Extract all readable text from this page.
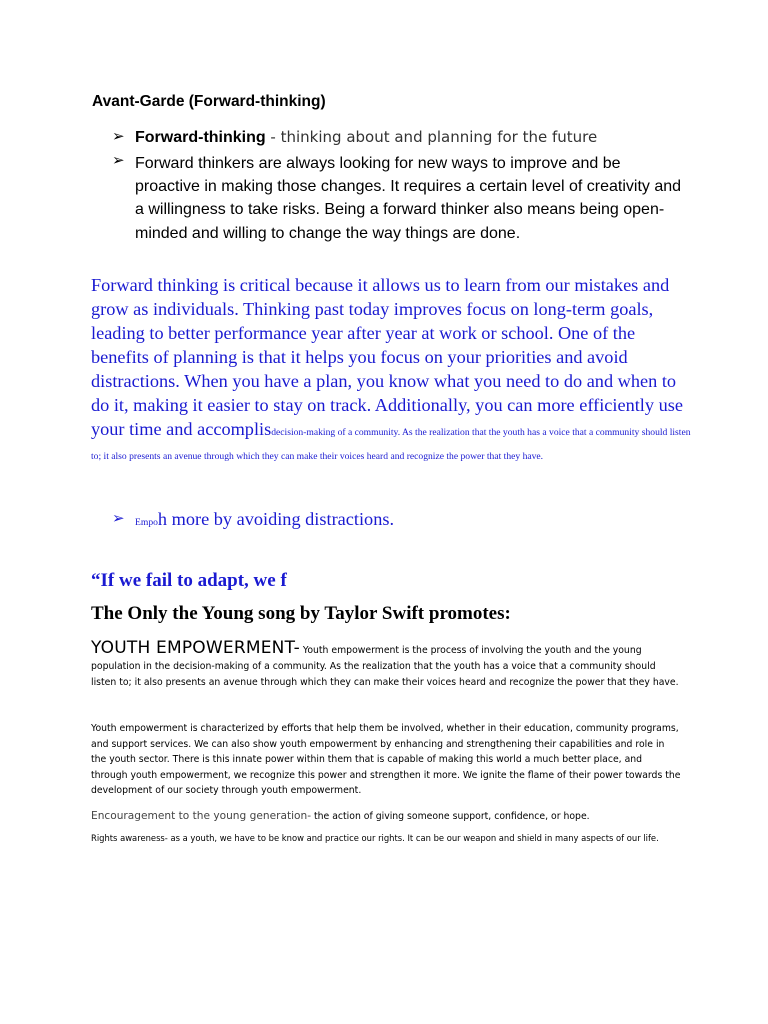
Avant-Garde (Forward-thinking)
➢ Forward-thinking - thinking about and planning for the future
➢ Forward thinkers are always looking for new ways to improve and be proactive in making those changes. It requires a certain level of creativity and a willingness to take risks. Being a forward thinker also means being open-minded and willing to change the way things are done.
Forward thinking is critical because it allows us to learn from our mistakes and grow as individuals. Thinking past today improves focus on long-term goals, leading to better performance year after year at work or school. One of the benefits of planning is that it helps you focus on your priorities and avoid distractions. When you have a plan, you know what you need to do and when to do it, making it easier to stay on track. Additionally, you can more efficiently use your time and accomplisdecision-making of a community. As the realization that the youth has a voice that a community should listen to; it also presents an avenue through which they can make their voices heard and recognize the power that they have.
➢ Empoh more by avoiding distractions.
“If we fail to adapt, we f
The Only the Young song by Taylor Swift promotes:
YOUTH EMPOWERMENT- Youth empowerment is the process of involving the youth and the young population in the decision-making of a community. As the realization that the youth has a voice that a community should listen to; it also presents an avenue through which they can make their voices heard and recognize the power that they have.
Youth empowerment is characterized by efforts that help them be involved, whether in their education, community programs, and support services. We can also show youth empowerment by enhancing and strengthening their capabilities and role in the youth sector. There is this innate power within them that is capable of making this world a much better place, and through youth empowerment, we recognize this power and strengthen it more. We ignite the flame of their power towards the development of our society through youth empowerment.
Encouragement to the young generation- the action of giving someone support, confidence, or hope.
Rights awareness- as a youth, we have to be know and practice our rights. It can be our weapon and shield in many aspects of our life.
